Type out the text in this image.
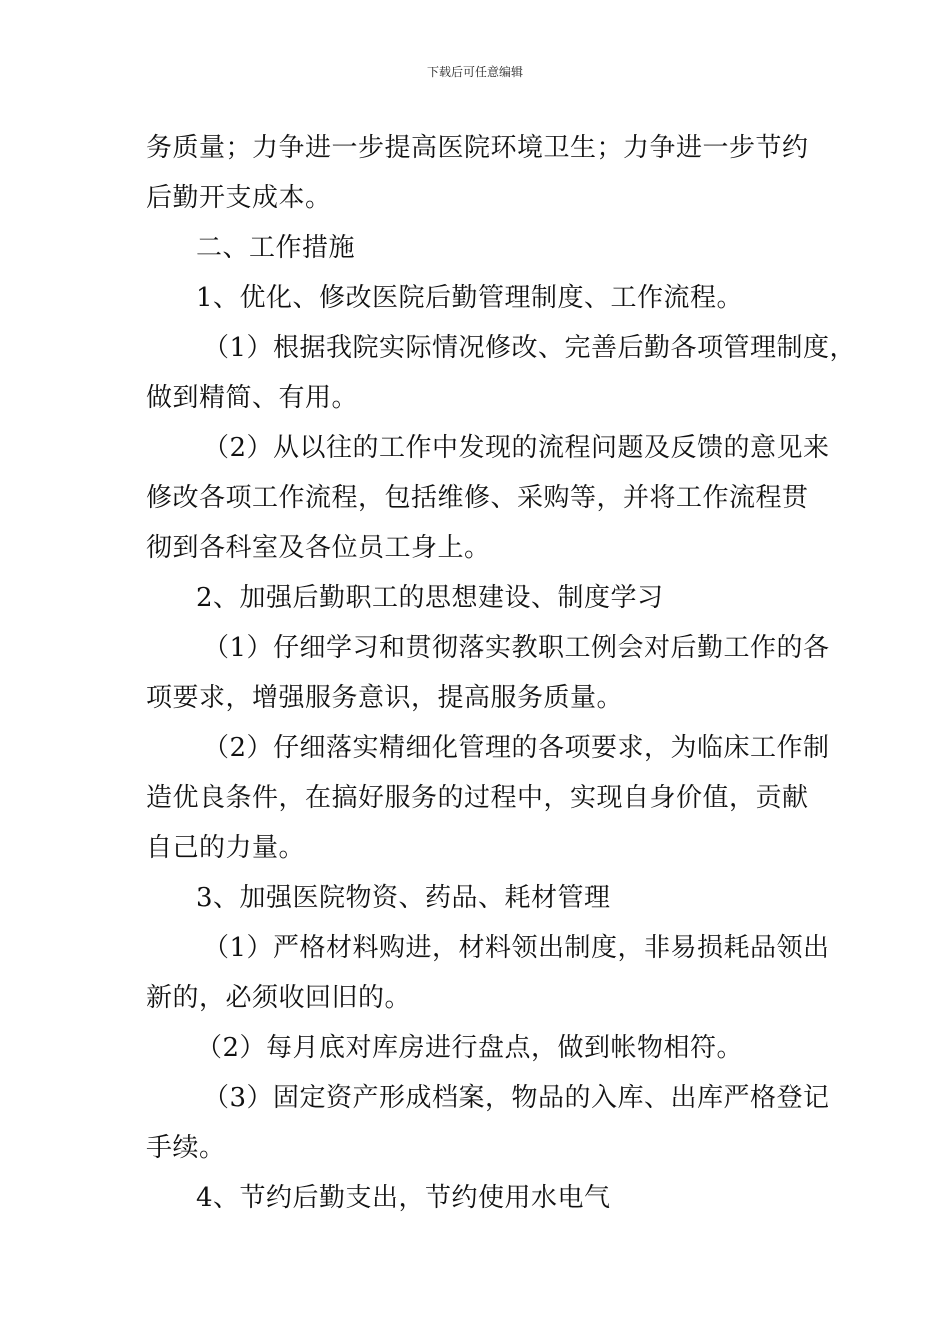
下载后可任意编辑
务质量；力争进一步提高医院环境卫生；力争进一步节约
后勤开支成本。
二、工作措施
1、优化、修改医院后勤管理制度、工作流程。
（1）根据我院实际情况修改、完善后勤各项管理制度，
做到精简、有用。
（2）从以往的工作中发现的流程问题及反馈的意见来
修改各项工作流程，包括维修、采购等，并将工作流程贯
彻到各科室及各位员工身上。
2、加强后勤职工的思想建设、制度学习
（1）仔细学习和贯彻落实教职工例会对后勤工作的各
项要求，增强服务意识，提高服务质量。
（2）仔细落实精细化管理的各项要求，为临床工作制
造优良条件，在搞好服务的过程中，实现自身价值，贡献
自己的力量。
3、加强医院物资、药品、耗材管理
（1）严格材料购进，材料领出制度，非易损耗品领出
新的，必须收回旧的。
（2）每月底对库房进行盘点，做到帐物相符。
（3）固定资产形成档案，物品的入库、出库严格登记
手续。
4、节约后勤支出，节约使用水电气
